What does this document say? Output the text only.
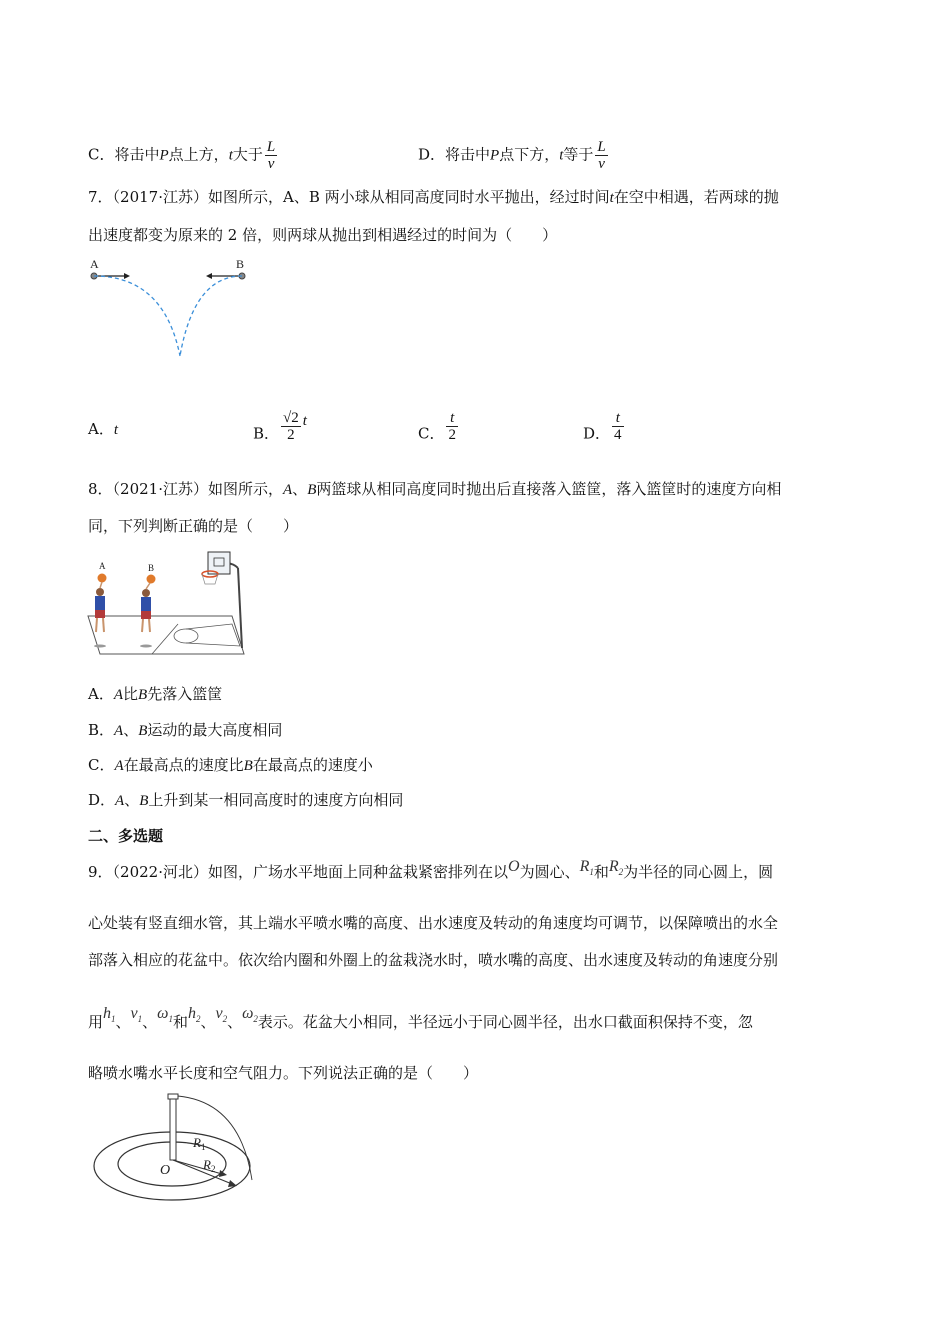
C．将击中P点上方，t大于 $\frac{L}{v}$	D．将击中P点下方，t等于 $\frac{L}{v}$
7．（2017·江苏）如图所示，A、B 两小球从相同高度同时水平抛出，经过时间t在空中相遇，若两球的抛
出速度都变为原来的 2 倍，则两球从抛出到相遇经过的时间为（　　）
A	B
A．t	B． $\frac{√2}{2}$ t
C． $\frac{t}{2}$	D． $\frac{t}{4}$
8．（2021·江苏）如图所示，A、B两篮球从相同高度同时抛出后直接落入篮筐，落入篮筐时的速度方向相
同，下列判断正确的是（　　）
A	B
A．A比B先落入篮筐
B．A、B运动的最大高度相同
C．A在最高点的速度比B在最高点的速度小
D．A、B上升到某一相同高度时的速度方向相同
二、多选题
9．（2022·河北）如图，广场水平地面上同种盆栽紧密排列在以O为圆心、$R_1$和$R_2$为半径的同心圆上，圆
心处装有竖直细水管，其上端水平喷水嘴的高度、出水速度及转动的角速度均可调节，以保障喷出的水全
部落入相应的花盆中。依次给内圈和外圈上的盆栽浇水时，喷水嘴的高度、出水速度及转动的角速度分别
用$h_1$、$v_1$、$\omega_1$和$h_2$、$v_2$、$\omega_2$表示。花盆大小相同，半径远小于同心圆半径，出水口截面积保持不变，忽
略喷水嘴水平长度和空气阻力。下列说法正确的是（　　）
O
$R_1$
$R_2$
